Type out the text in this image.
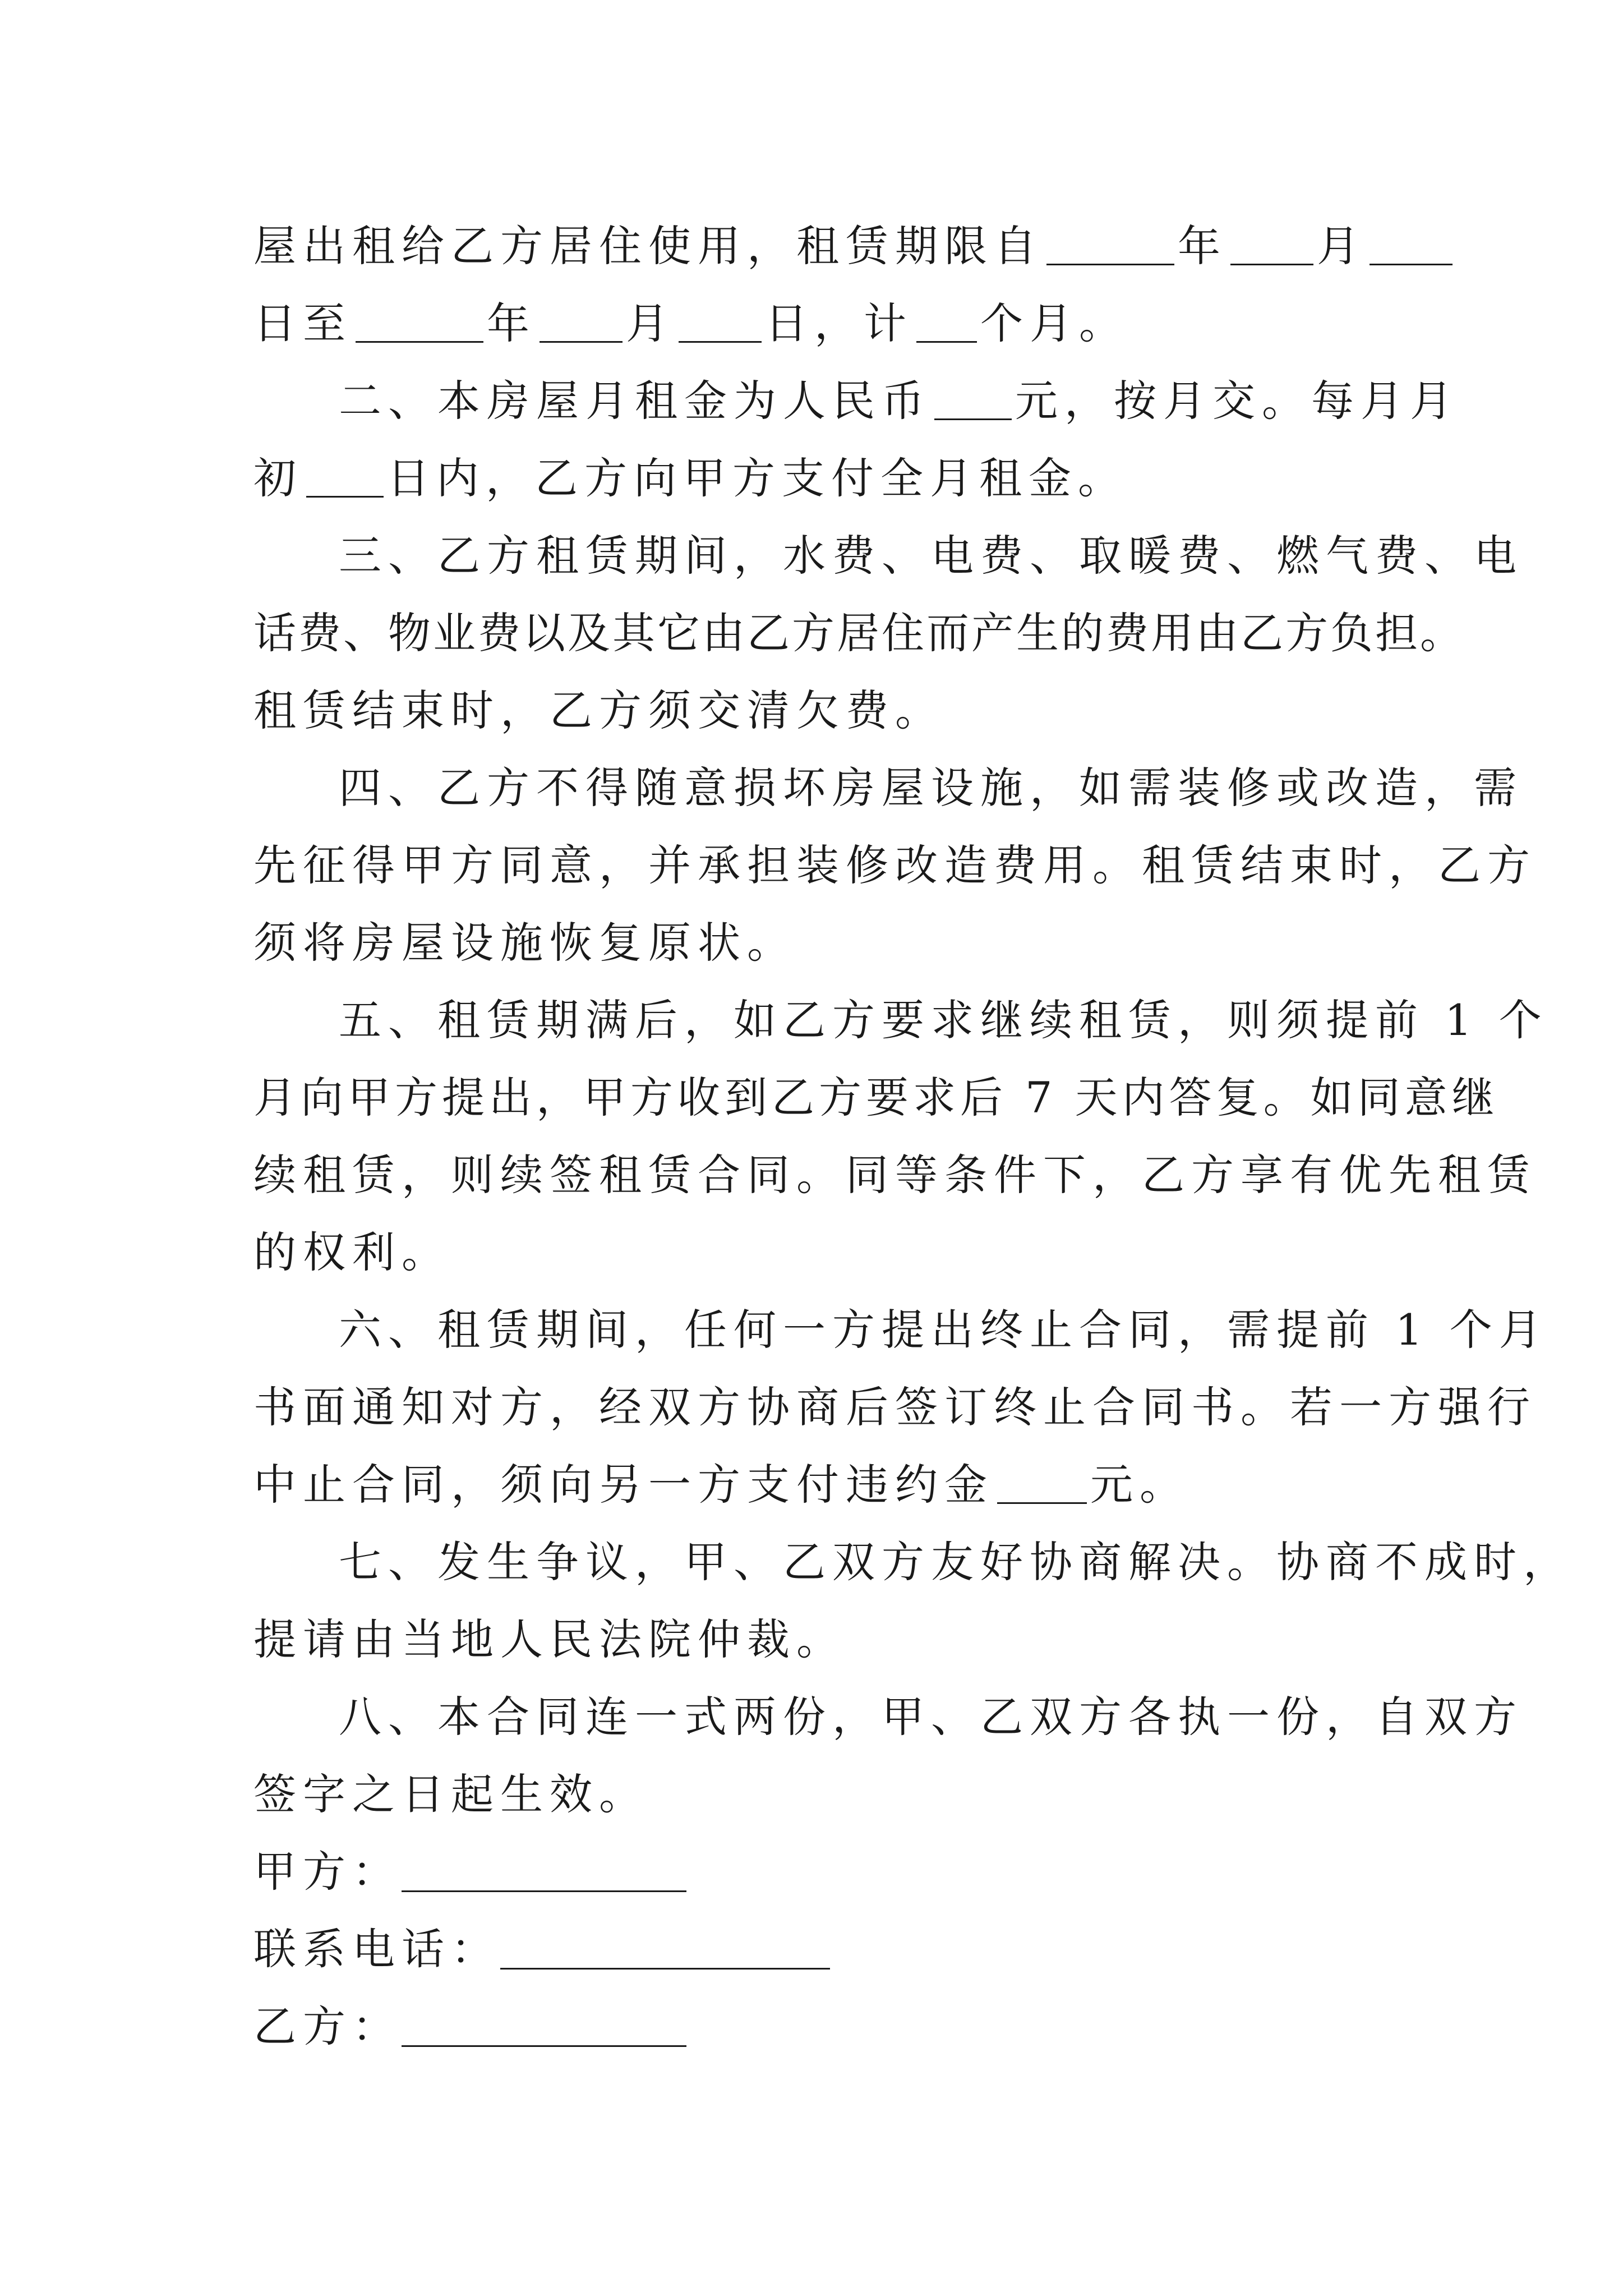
屋出租给乙方居住使用，租赁期限自	年 月

日至	年 月 日，计 个月。

二、本房屋月租金为人民币 元，按月交。每月月

初 日内，乙方向甲方支付全月租金。

三、乙方租赁期间，水费、电费、取暖费、燃气费、电

话费、物业费以及其它由乙方居住而产生的费用由乙方负担。

租赁结束时，乙方须交清欠费。

四、乙方不得随意损坏房屋设施，如需装修或改造，需

先征得甲方同意，并承担装修改造费用。租赁结束时，乙方

须将房屋设施恢复原状。

五、租赁期满后，如乙方要求继续租赁，则须提前 1 个

月向甲方提出，甲方收到乙方要求后 7 天内答复。如同意继

续租赁，则续签租赁合同。同等条件下，乙方享有优先租赁

的权利。

六、租赁期间，任何一方提出终止合同，需提前 1 个月

书面通知对方，经双方协商后签订终止合同书。若一方强行

中止合同，须向另一方支付违约金 元。

七、发生争议，甲、乙双方友好协商解决。协商不成时，

提请由当地人民法院仲裁。

八、本合同连一式两份，甲、乙双方各执一份，自双方

签字之日起生效。

甲方：

联系电话：

乙方：
